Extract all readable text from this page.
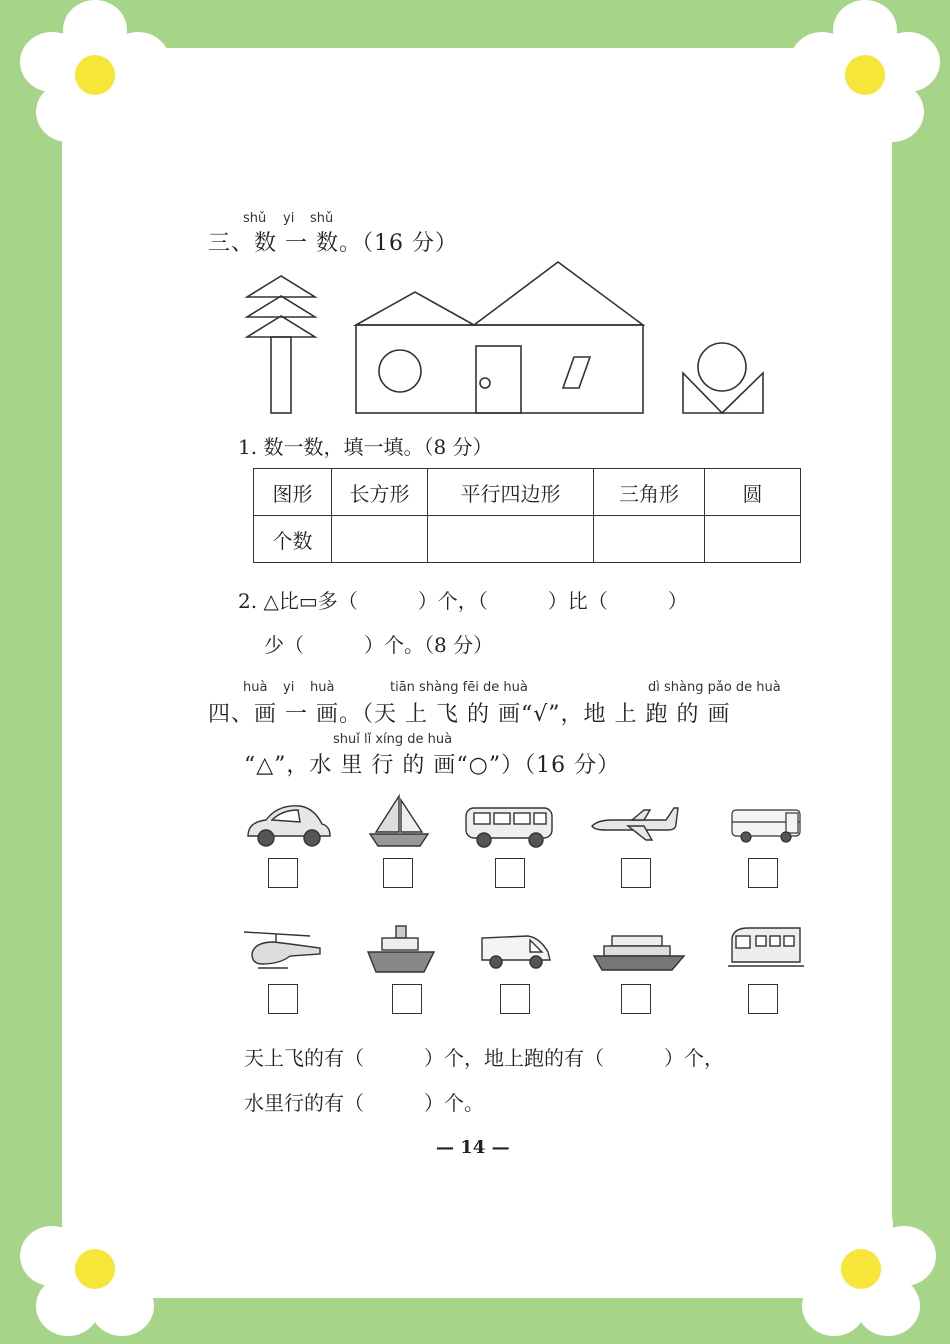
shǔ yi shǔ
三、数 一 数。（16 分）
1. 数一数，填一填。（8 分）
图形	长方形	平行四边形	三角形	圆
个数				
2. △比▭多（　　　）个，（　　　）比（　　　）
少（　　　）个。（8 分）
huà yi huà	tiān shàng fēi de huà	dì shàng pǎo de huà
四、画 一 画。（天 上 飞 的 画“√”，地 上 跑 的 画
shuǐ lǐ xíng de huà
“△”，水 里 行 的 画“○”）（16 分）
天上飞的有（　　　）个，地上跑的有（　　　）个，
水里行的有（　　　）个。
— 14 —
